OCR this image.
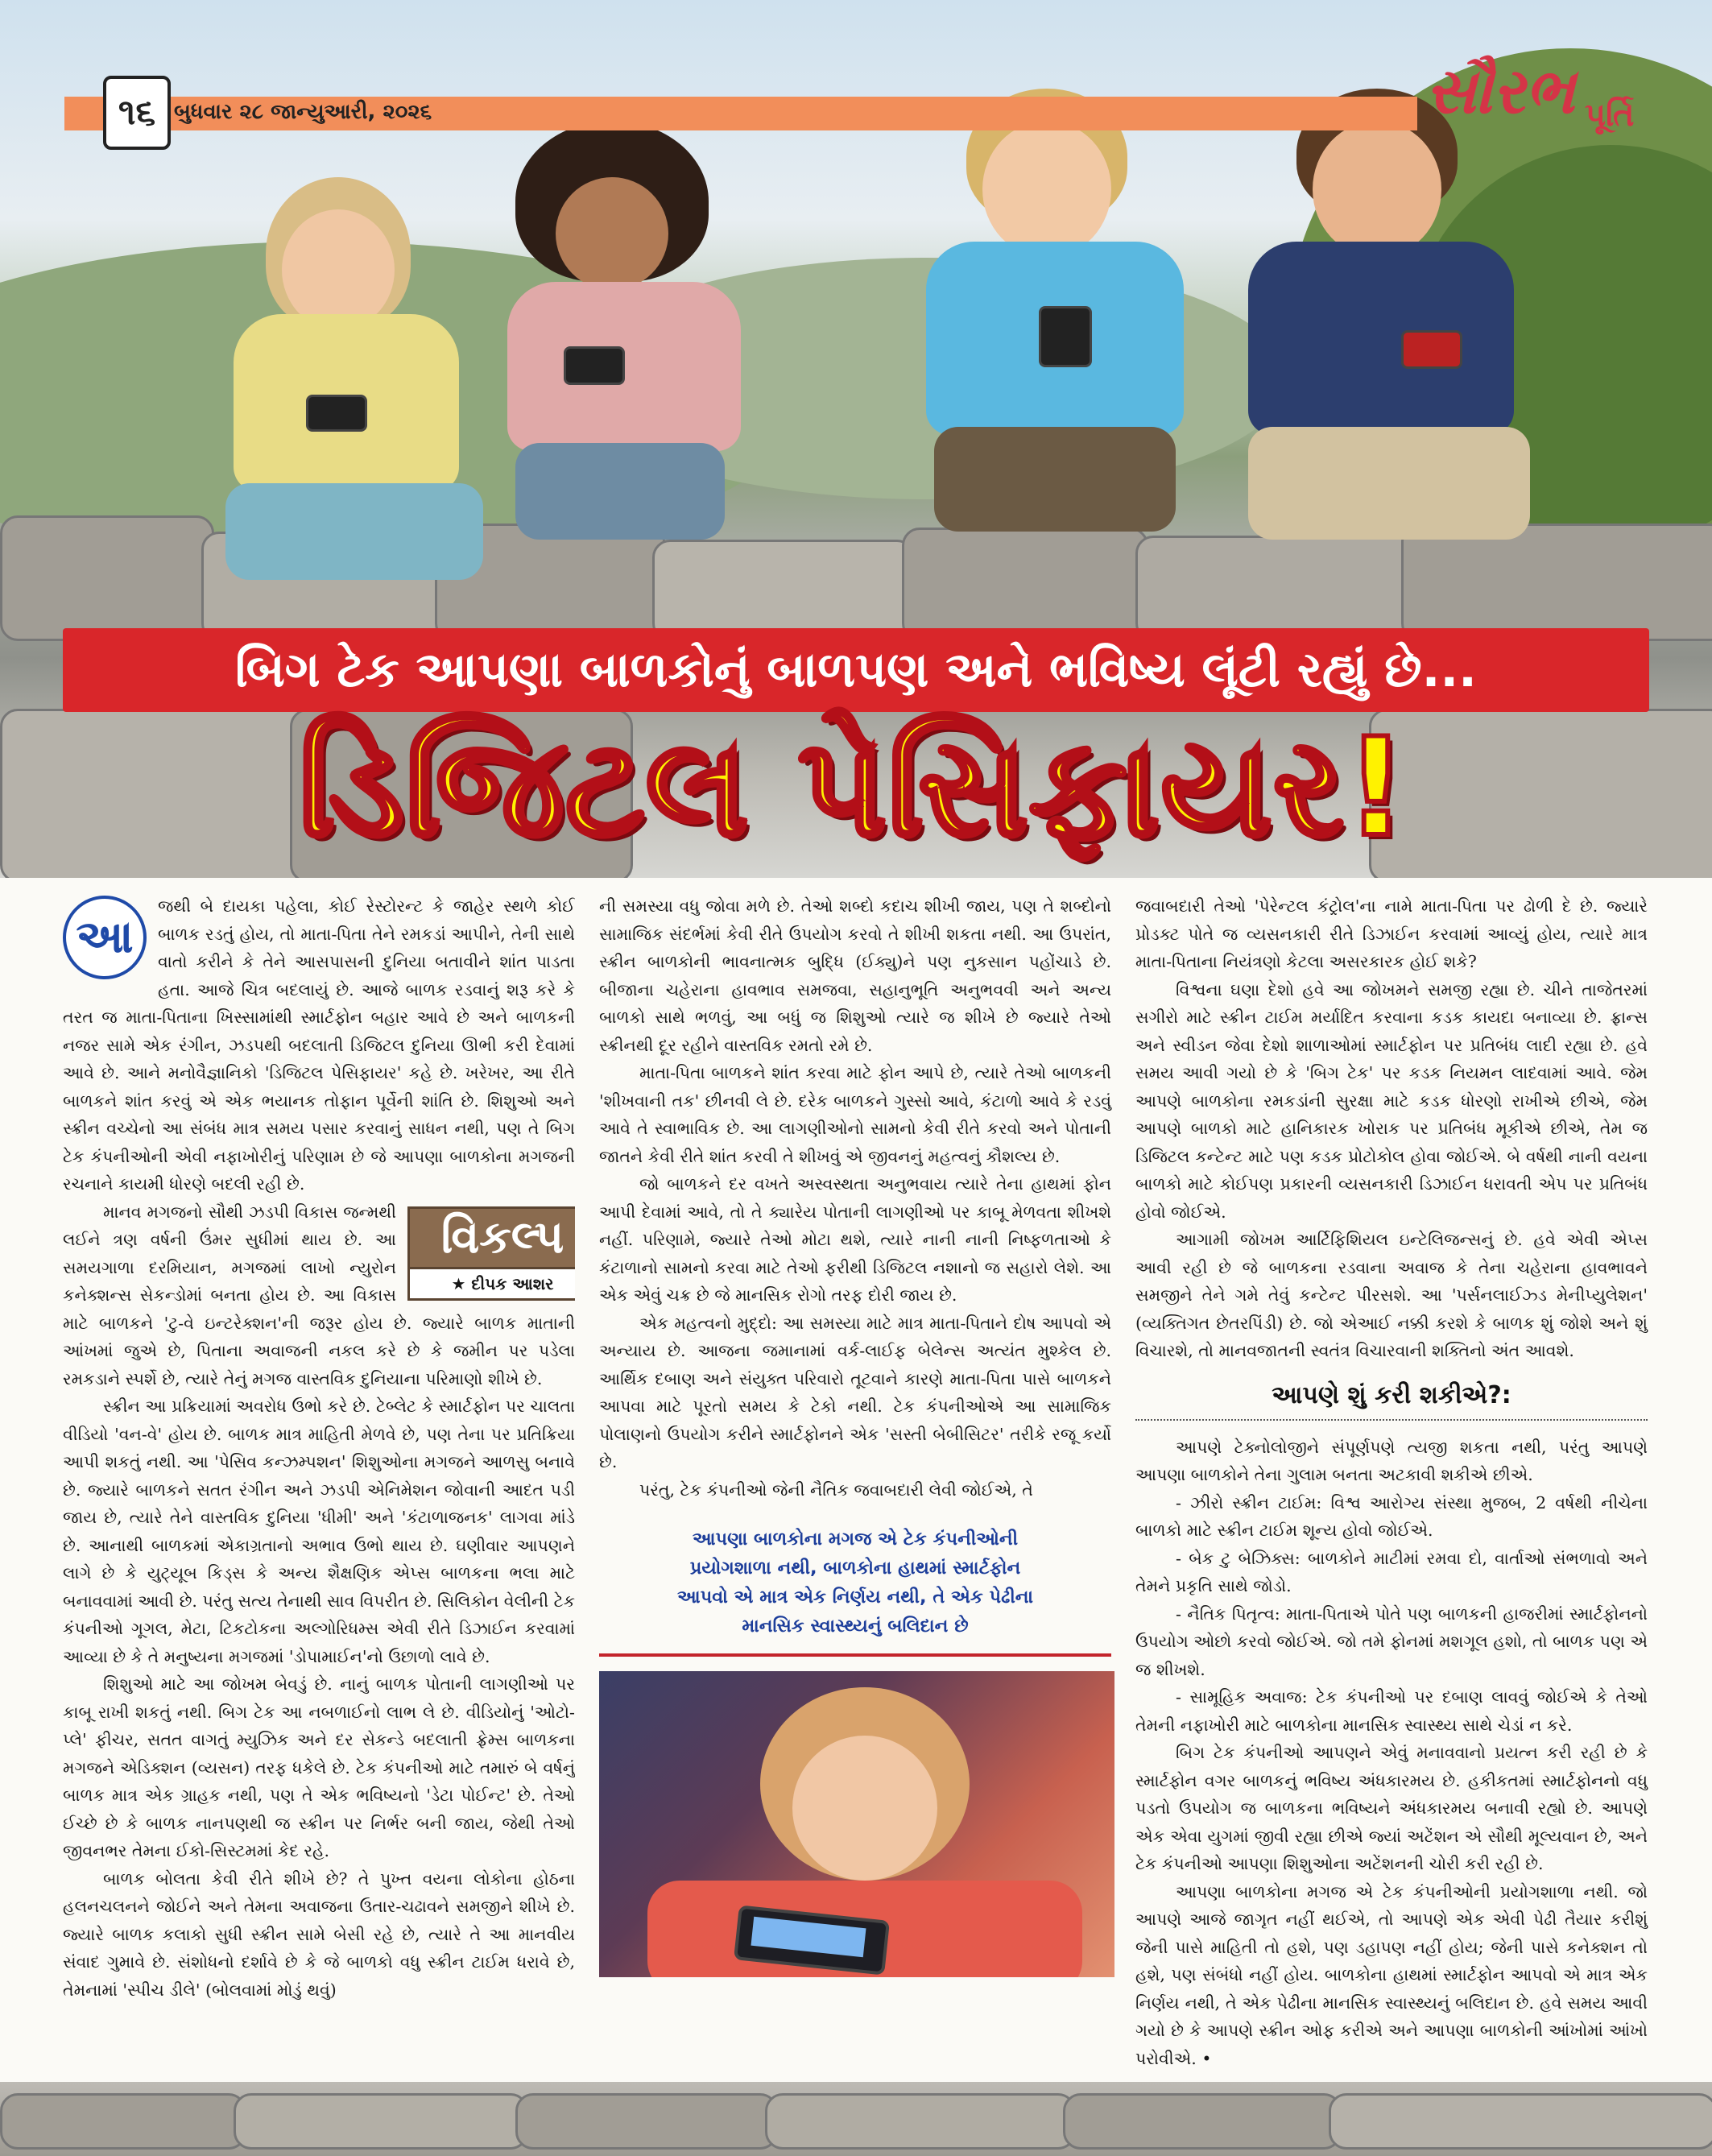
૧૬ બુધવાર ૨૮ જાન્યુઆરી, ૨૦૨૬	સૌરભ પૂર્તિ
બિગ ટેક આપણા બાળકોનું બાળપણ અને ભવિષ્ય લૂંટી રહ્યું છે...
ડિજિટલ પેસિફાયર!
આ

જથી બે દાયકા પહેલા, કોઈ રેસ્ટોરન્ટ કે જાહેર સ્થળે કોઈ બાળક રડતું હોય, તો માતા-પિતા તેને રમકડાં આપીને, તેની સાથે વાતો કરીને કે તેને આસપાસની દુનિયા બતાવીને શાંત પાડતા હતા. આજે ચિત્ર બદલાયું છે. આજે બાળક રડવાનું શરૂ કરે કે તરત જ માતા-પિતાના ખિસ્સામાંથી સ્માર્ટફોન બહાર આવે છે અને બાળકની નજર સામે એક રંગીન, ઝડપથી બદલાતી ડિજિટલ દુનિયા ઊભી કરી દેવામાં આવે છે. આને મનોવૈજ્ઞાનિકો 'ડિજિટલ પેસિફાયર' કહે છે. ખરેખર, આ રીતે બાળકને શાંત કરવું એ એક ભયાનક તોફાન પૂર્વેની શાંતિ છે. શિશુઓ અને સ્ક્રીન વચ્ચેનો આ સંબંધ માત્ર સમય પસાર કરવાનું સાધન નથી, પણ તે બિગ ટેક કંપનીઓની એવી નફાખોરીનું પરિણામ છે જે આપણા બાળકોના મગજની રચનાને કાયમી ધોરણે બદલી રહી છે.

વિકલ્પ
★ દીપક આશર

માનવ મગજનો સૌથી ઝડપી વિકાસ જન્મથી લઈને ત્રણ વર્ષની ઉંમર સુધીમાં થાય છે. આ સમયગાળા દરમિયાન, મગજમાં લાખો ન્યુરોન કનેક્શન્સ સેકન્ડોમાં બનતા હોય છે. આ વિકાસ માટે બાળકને 'ટુ-વે ઇન્ટરેક્શન'ની જરૂર હોય છે. જ્યારે બાળક માતાની આંખમાં જુએ છે, પિતાના અવાજની નકલ કરે છે કે જમીન પર પડેલા રમકડાને સ્પર્શે છે, ત્યારે તેનું મગજ વાસ્તવિક દુનિયાના પરિમાણો શીખે છે.

સ્ક્રીન આ પ્રક્રિયામાં અવરોધ ઉભો કરે છે. ટેબ્લેટ કે સ્માર્ટફોન પર ચાલતા વીડિયો 'વન-વે' હોય છે. બાળક માત્ર માહિતી મેળવે છે, પણ તેના પર પ્રતિક્રિયા આપી શકતું નથી. આ 'પેસિવ કન્ઝમ્પશન' શિશુઓના મગજને આળસુ બનાવે છે. જ્યારે બાળકને સતત રંગીન અને ઝડપી એનિમેશન જોવાની આદત પડી જાય છે, ત્યારે તેને વાસ્તવિક દુનિયા 'ધીમી' અને 'કંટાળાજનક' લાગવા માંડે છે. આનાથી બાળકમાં એકાગ્રતાનો અભાવ ઉભો થાય છે. ઘણીવાર આપણને લાગે છે કે યુટ્યૂબ કિડ્સ કે અન્ય શૈક્ષણિક એપ્સ બાળકના ભલા માટે બનાવવામાં આવી છે. પરંતુ સત્ય તેનાથી સાવ વિપરીત છે. સિલિકોન વેલીની ટેક કંપનીઓ ગૂગલ, મેટા, ટિકટોકના અલ્ગોરિધમ્સ એવી રીતે ડિઝાઈન કરવામાં આવ્યા છે કે તે મનુષ્યના મગજમાં 'ડોપામાઈન'નો ઉછાળો લાવે છે.

શિશુઓ માટે આ જોખમ બેવડું છે. નાનું બાળક પોતાની લાગણીઓ પર કાબૂ રાખી શકતું નથી. બિગ ટેક આ નબળાઈનો લાભ લે છે. વીડિયોનું 'ઓટો-પ્લે' ફીચર, સતત વાગતું મ્યુઝિક અને દર સેકન્ડે બદલાતી ફ્રેમ્સ બાળકના મગજને એડિક્શન (વ્યસન) તરફ ધકેલે છે. ટેક કંપનીઓ માટે તમારું બે વર્ષનું બાળક માત્ર એક ગ્રાહક નથી, પણ તે એક ભવિષ્યનો 'ડેટા પોઈન્ટ' છે. તેઓ ઈચ્છે છે કે બાળક નાનપણથી જ સ્ક્રીન પર નિર્ભર બની જાય, જેથી તેઓ જીવનભર તેમના ઈકો-સિસ્ટમમાં કેદ રહે.

બાળક બોલતા કેવી રીતે શીખે છે? તે પુખ્ત વયના લોકોના હોઠના હલનચલનને જોઈને અને તેમના અવાજના ઉતાર-ચઢાવને સમજીને શીખે છે. જ્યારે બાળક કલાકો સુધી સ્ક્રીન સામે બેસી રહે છે, ત્યારે તે આ માનવીય સંવાદ ગુમાવે છે. સંશોધનો દર્શાવે છે કે જે બાળકો વધુ સ્ક્રીન ટાઈમ ધરાવે છે, તેમનામાં 'સ્પીચ ડીલે' (બોલવામાં મોડું થવું)

ની સમસ્યા વધુ જોવા મળે છે. તેઓ શબ્દો કદાચ શીખી જાય, પણ તે શબ્દોનો સામાજિક સંદર્ભમાં કેવી રીતે ઉપયોગ કરવો તે શીખી શકતા નથી. આ ઉપરાંત, સ્ક્રીન બાળકોની ભાવનાત્મક બુદ્ધિ (ઈક્યુ)ને પણ નુકસાન પહોંચાડે છે. બીજાના ચહેરાના હાવભાવ સમજવા, સહાનુભૂતિ અનુભવવી અને અન્ય બાળકો સાથે ભળવું, આ બધું જ શિશુઓ ત્યારે જ શીખે છે જ્યારે તેઓ સ્ક્રીનથી દૂર રહીને વાસ્તવિક રમતો રમે છે.

માતા-પિતા બાળકને શાંત કરવા માટે ફોન આપે છે, ત્યારે તેઓ બાળકની 'શીખવાની તક' છીનવી લે છે. દરેક બાળકને ગુસ્સો આવે, કંટાળો આવે કે રડવું આવે તે સ્વાભાવિક છે. આ લાગણીઓનો સામનો કેવી રીતે કરવો અને પોતાની જાતને કેવી રીતે શાંત કરવી તે શીખવું એ જીવનનું મહત્વનું કૌશલ્ય છે.

જો બાળકને દર વખતે અસ્વસ્થતા અનુભવાય ત્યારે તેના હાથમાં ફોન આપી દેવામાં આવે, તો તે ક્યારેય પોતાની લાગણીઓ પર કાબૂ મેળવતા શીખશે નહીં. પરિણામે, જ્યારે તેઓ મોટા થશે, ત્યારે નાની નાની નિષ્ફળતાઓ કે કંટાળાનો સામનો કરવા માટે તેઓ ફરીથી ડિજિટલ નશાનો જ સહારો લેશે. આ એક એવું ચક્ર છે જે માનસિક રોગો તરફ દોરી જાય છે.

એક મહત્વનો મુદ્દો: આ સમસ્યા માટે માત્ર માતા-પિતાને દોષ આપવો એ અન્યાય છે. આજના જમાનામાં વર્ક-લાઈફ બેલેન્સ અત્યંત મુશ્કેલ છે. આર્થિક દબાણ અને સંયુક્ત પરિવારો તૂટવાને કારણે માતા-પિતા પાસે બાળકને આપવા માટે પૂરતો સમય કે ટેકો નથી. ટેક કંપનીઓએ આ સામાજિક પોલાણનો ઉપયોગ કરીને સ્માર્ટફોનને એક 'સસ્તી બેબીસિટર' તરીકે રજૂ કર્યો છે.

પરંતુ, ટેક કંપનીઓ જેની નૈતિક જવાબદારી લેવી જોઈએ, તે

આપણા બાળકોના મગજ એ ટેક કંપનીઓની
પ્રયોગશાળા નથી, બાળકોના હાથમાં સ્માર્ટફોન
આપવો એ માત્ર એક નિર્ણય નથી, તે એક પેઢીના
માનસિક સ્વાસ્થ્યનું બલિદાન છે

જવાબદારી તેઓ 'પેરેન્ટલ કંટ્રોલ'ના નામે માતા-પિતા પર ઢોળી દે છે. જ્યારે પ્રોડક્ટ પોતે જ વ્યસનકારી રીતે ડિઝાઈન કરવામાં આવ્યું હોય, ત્યારે માત્ર માતા-પિતાના નિયંત્રણો કેટલા અસરકારક હોઈ શકે?

વિશ્વના ઘણા દેશો હવે આ જોખમને સમજી રહ્યા છે. ચીને તાજેતરમાં સગીરો માટે સ્ક્રીન ટાઈમ મર્યાદિત કરવાના કડક કાયદા બનાવ્યા છે. ફ્રાન્સ અને સ્વીડન જેવા દેશો શાળાઓમાં સ્માર્ટફોન પર પ્રતિબંધ લાદી રહ્યા છે. હવે સમય આવી ગયો છે કે 'બિગ ટેક' પર કડક નિયમન લાદવામાં આવે. જેમ આપણે બાળકોના રમકડાંની સુરક્ષા માટે કડક ધોરણો રાખીએ છીએ, જેમ આપણે બાળકો માટે હાનિકારક ખોરાક પર પ્રતિબંધ મૂકીએ છીએ, તેમ જ ડિજિટલ કન્ટેન્ટ માટે પણ કડક પ્રોટોકોલ હોવા જોઈએ. બે વર્ષથી નાની વયના બાળકો માટે કોઈપણ પ્રકારની વ્યસનકારી ડિઝાઈન ધરાવતી એપ પર પ્રતિબંધ હોવો જોઈએ.

આગામી જોખમ આર્ટિફિશિયલ ઇન્ટેલિજન્સનું છે. હવે એવી એપ્સ આવી રહી છે જે બાળકના રડવાના અવાજ કે તેના ચહેરાના હાવભાવને સમજીને તેને ગમે તેવું કન્ટેન્ટ પીરસશે. આ 'પર્સનલાઈઝ્ડ મેનીપ્યુલેશન' (વ્યક્તિગત છેતરપિંડી) છે. જો એઆઈ નક્કી કરશે કે બાળક શું જોશે અને શું વિચારશે, તો માનવજાતની સ્વતંત્ર વિચારવાની શક્તિનો અંત આવશે.

આપણે શું કરી શકીએ?:

આપણે ટેક્નોલોજીને સંપૂર્ણપણે ત્યજી શકતા નથી, પરંતુ આપણે આપણા બાળકોને તેના ગુલામ બનતા અટકાવી શકીએ છીએ.

- ઝીરો સ્ક્રીન ટાઈમ: વિશ્વ આરોગ્ય સંસ્થા મુજબ, 2 વર્ષથી નીચેના બાળકો માટે સ્ક્રીન ટાઈમ શૂન્ય હોવો જોઈએ.

- બેક ટુ બેઝિક્સ: બાળકોને માટીમાં રમવા દો, વાર્તાઓ સંભળાવો અને તેમને પ્રકૃતિ સાથે જોડો.

- નૈતિક પિતૃત્વ: માતા-પિતાએ પોતે પણ બાળકની હાજરીમાં સ્માર્ટફોનનો ઉપયોગ ઓછો કરવો જોઈએ. જો તમે ફોનમાં મશગૂલ હશો, તો બાળક પણ એ જ શીખશે.

- સામૂહિક અવાજ: ટેક કંપનીઓ પર દબાણ લાવવું જોઈએ કે તેઓ તેમની નફાખોરી માટે બાળકોના માનસિક સ્વાસ્થ્ય સાથે ચેડાં ન કરે.

બિગ ટેક કંપનીઓ આપણને એવું મનાવવાનો પ્રયત્ન કરી રહી છે કે સ્માર્ટફોન વગર બાળકનું ભવિષ્ય અંધકારમય છે. હકીકતમાં સ્માર્ટફોનનો વધુ પડતો ઉપયોગ જ બાળકના ભવિષ્યને અંધકારમય બનાવી રહ્યો છે. આપણે એક એવા યુગમાં જીવી રહ્યા છીએ જ્યાં અટેંશન એ સૌથી મૂલ્યવાન છે, અને ટેક કંપનીઓ આપણા શિશુઓના અટેંશનની ચોરી કરી રહી છે.

આપણા બાળકોના મગજ એ ટેક કંપનીઓની પ્રયોગશાળા નથી. જો આપણે આજે જાગૃત નહીં થઈએ, તો આપણે એક એવી પેઢી તૈયાર કરીશું જેની પાસે માહિતી તો હશે, પણ ડહાપણ નહીં હોય; જેની પાસે કનેક્શન તો હશે, પણ સંબંધો નહીં હોય. બાળકોના હાથમાં સ્માર્ટફોન આપવો એ માત્ર એક નિર્ણય નથી, તે એક પેઢીના માનસિક સ્વાસ્થ્યનું બલિદાન છે. હવે સમય આવી ગયો છે કે આપણે સ્ક્રીન ઓફ કરીએ અને આપણા બાળકોની આંખોમાં આંખો પરોવીએ. •
